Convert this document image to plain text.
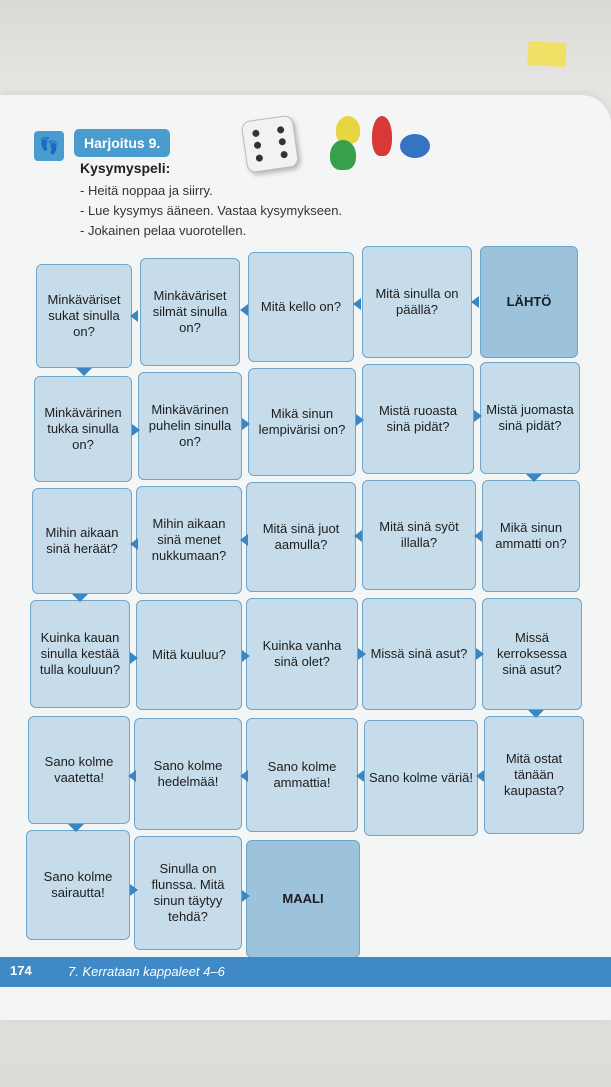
👣	Harjoitus 9.
Kysymyspeli:
- Heitä noppaa ja siirry.
- Lue kysymys ääneen. Vastaa kysymykseen.
- Jokainen pelaa vuorotellen.
Minkäväriset sukat sinulla on?
Minkäväriset silmät sinulla on?
Mitä kello on?
Mitä sinulla on päällä?
LÄHTÖ
Minkävärinen tukka sinulla on?
Minkävärinen puhelin sinulla on?
Mikä sinun lempivärisi on?
Mistä ruoasta sinä pidät?
Mistä juomasta sinä pidät?
Mihin aikaan sinä heräät?
Mihin aikaan sinä menet nukkumaan?
Mitä sinä juot aamulla?
Mitä sinä syöt illalla?
Mikä sinun ammatti on?
Kuinka kauan sinulla kestää tulla kouluun?
Mitä kuuluu?
Kuinka vanha sinä olet?
Missä sinä asut?
Missä kerroksessa sinä asut?
Sano kolme vaatetta!
Sano kolme hedelmää!
Sano kolme ammattia!	Sano kolme väriä!
Mitä ostat tänään kaupasta?
Sano kolme sairautta!
Sinulla on flunssa. Mitä sinun täytyy tehdä?
MAALI
174	7. Kerrataan kappaleet 4–6
